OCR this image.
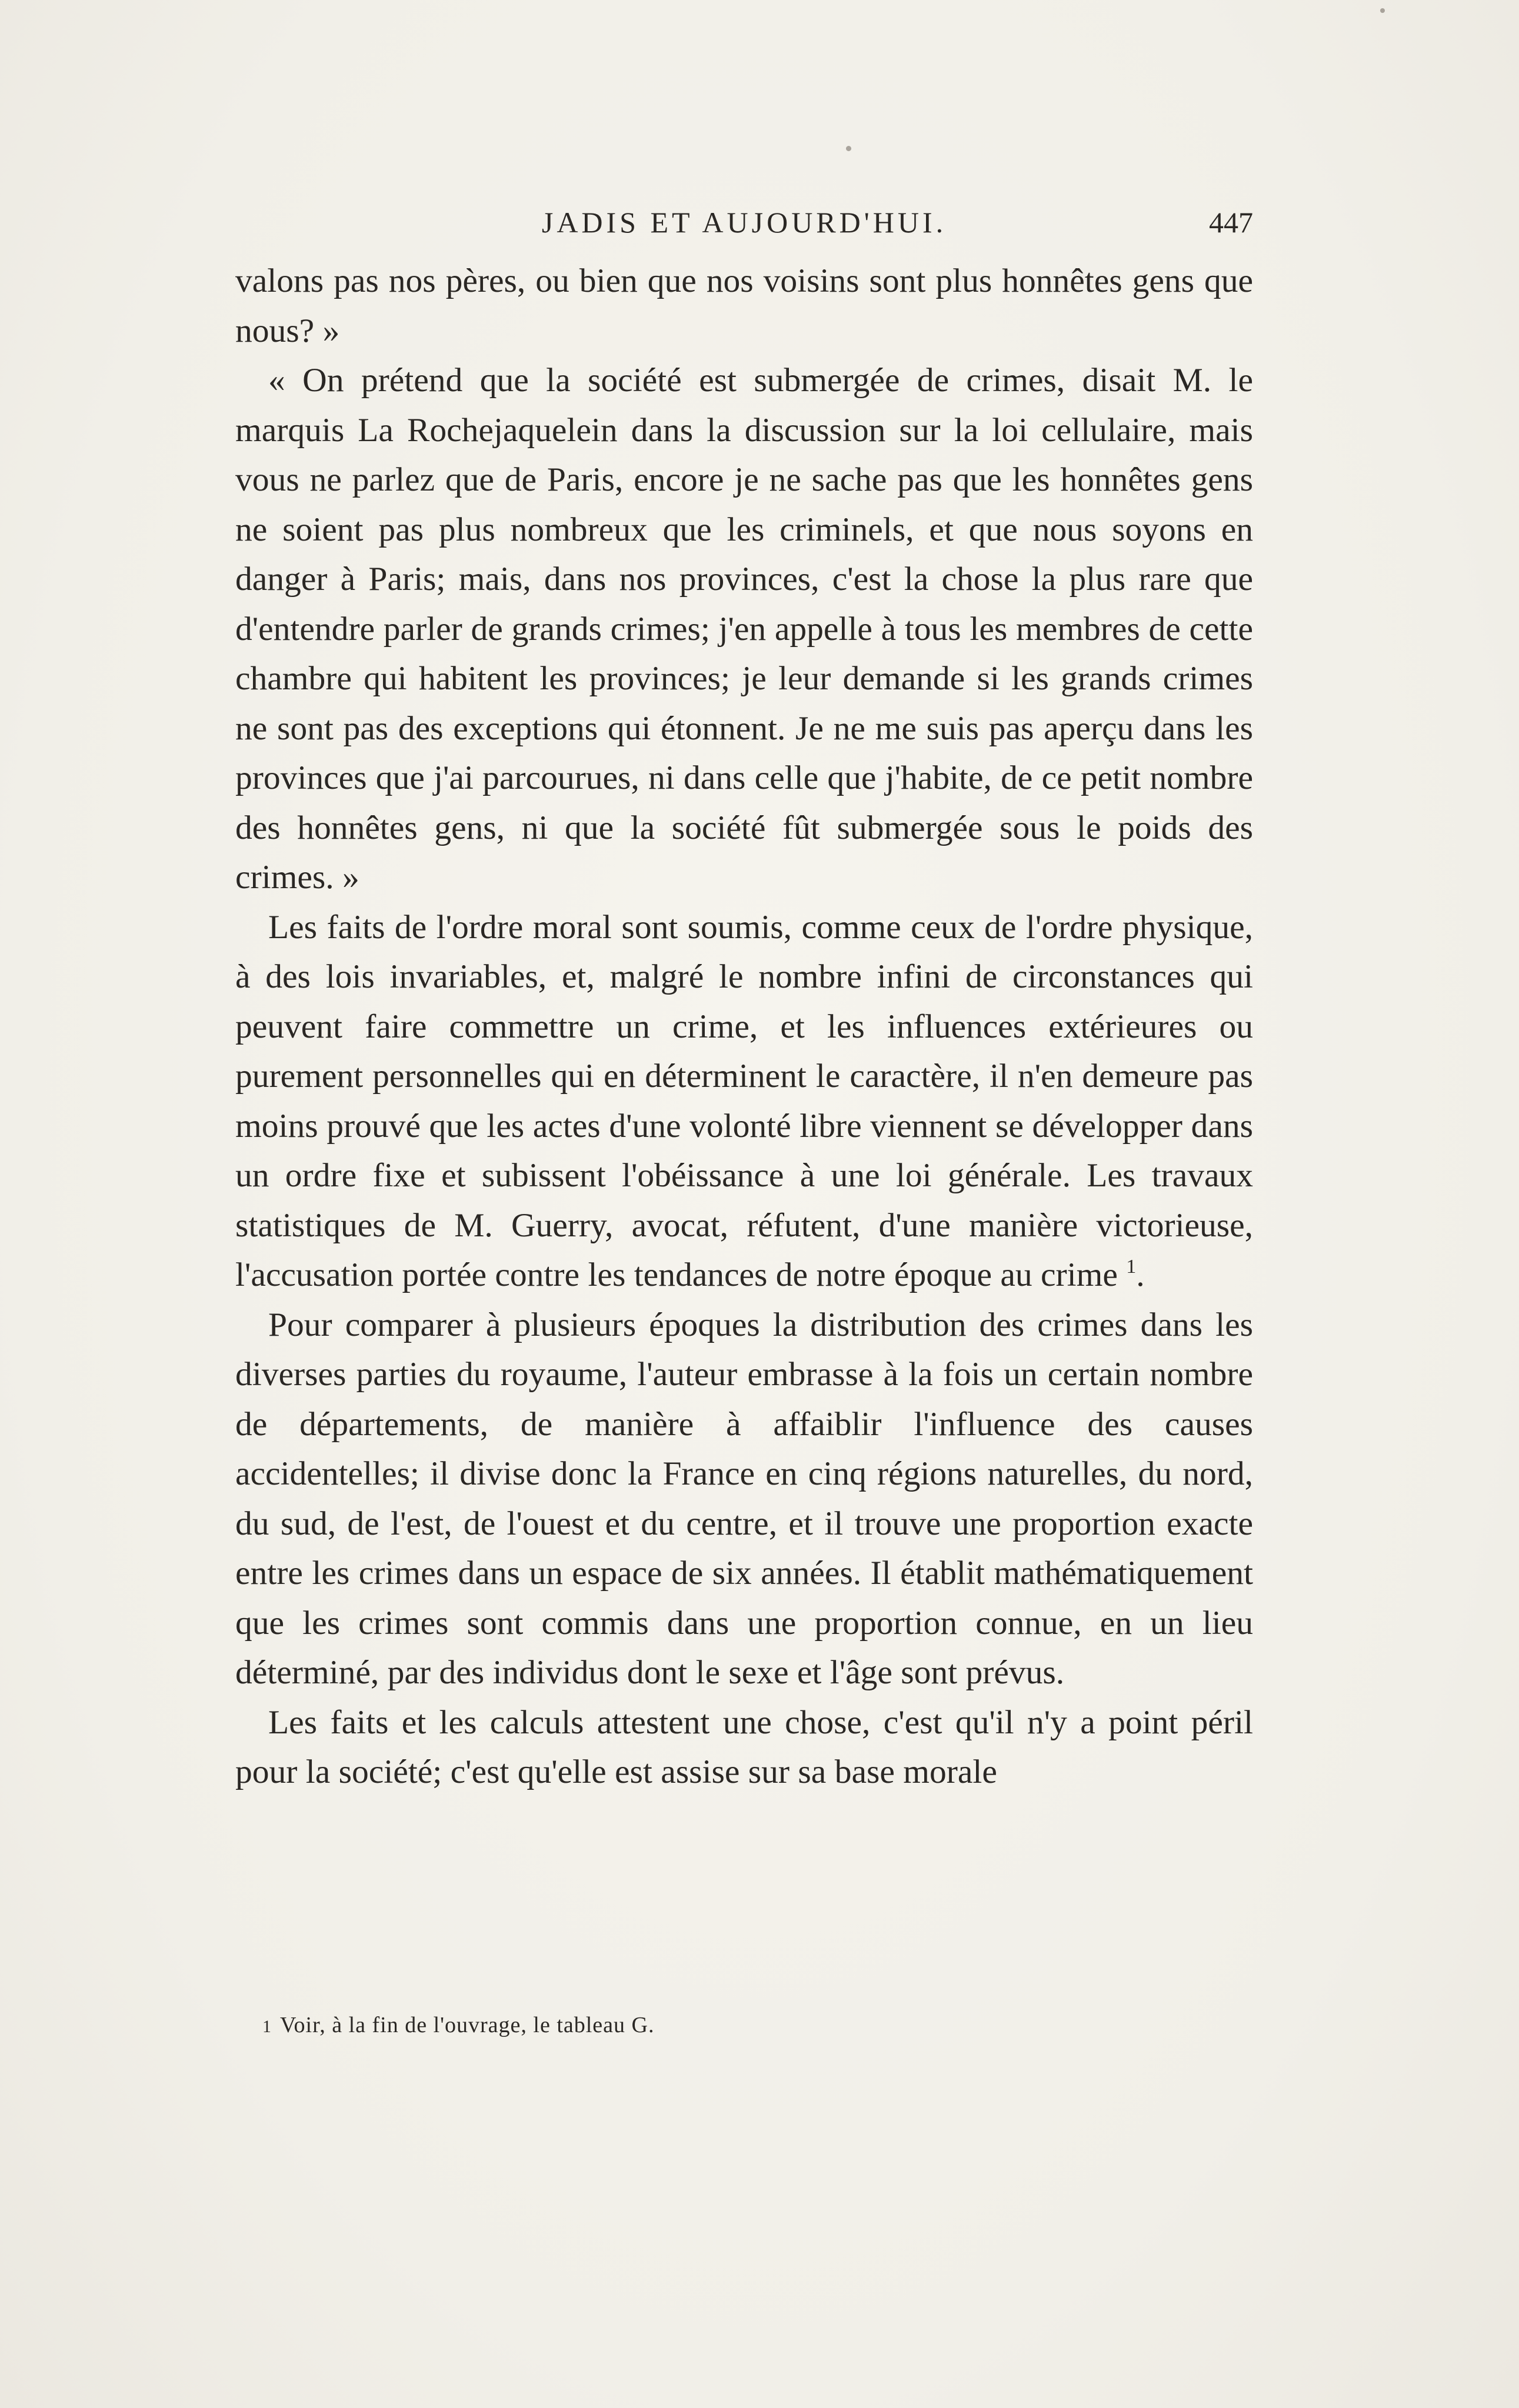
JADIS ET AUJOURD'HUI.	447

valons pas nos pères, ou bien que nos voisins sont plus honnêtes gens que nous? »

« On prétend que la société est submergée de crimes, disait M. le marquis La Rochejaquelein dans la discussion sur la loi cellulaire, mais vous ne parlez que de Paris, encore je ne sache pas que les honnêtes gens ne soient pas plus nombreux que les criminels, et que nous soyons en danger à Paris; mais, dans nos provinces, c'est la chose la plus rare que d'entendre parler de grands crimes; j'en appelle à tous les membres de cette chambre qui habitent les provinces; je leur demande si les grands crimes ne sont pas des exceptions qui étonnent. Je ne me suis pas aperçu dans les provinces que j'ai parcourues, ni dans celle que j'habite, de ce petit nombre des honnêtes gens, ni que la société fût submergée sous le poids des crimes. »

Les faits de l'ordre moral sont soumis, comme ceux de l'ordre physique, à des lois invariables, et, malgré le nombre infini de circonstances qui peuvent faire commettre un crime, et les influences extérieures ou purement personnelles qui en déterminent le caractère, il n'en demeure pas moins prouvé que les actes d'une volonté libre viennent se développer dans un ordre fixe et subissent l'obéissance à une loi générale. Les travaux statistiques de M. Guerry, avocat, réfutent, d'une manière victorieuse, l'accusation portée contre les tendances de notre époque au crime $^1$.

Pour comparer à plusieurs époques la distribution des crimes dans les diverses parties du royaume, l'auteur embrasse à la fois un certain nombre de départements, de manière à affaiblir l'influence des causes accidentelles; il divise donc la France en cinq régions naturelles, du nord, du sud, de l'est, de l'ouest et du centre, et il trouve une proportion exacte entre les crimes dans un espace de six années. Il établit mathématiquement que les crimes sont commis dans une proportion connue, en un lieu déterminé, par des individus dont le sexe et l'âge sont prévus.

Les faits et les calculs attestent une chose, c'est qu'il n'y a point péril pour la société; c'est qu'elle est assise sur sa base morale

1 Voir, à la fin de l'ouvrage, le tableau G.
